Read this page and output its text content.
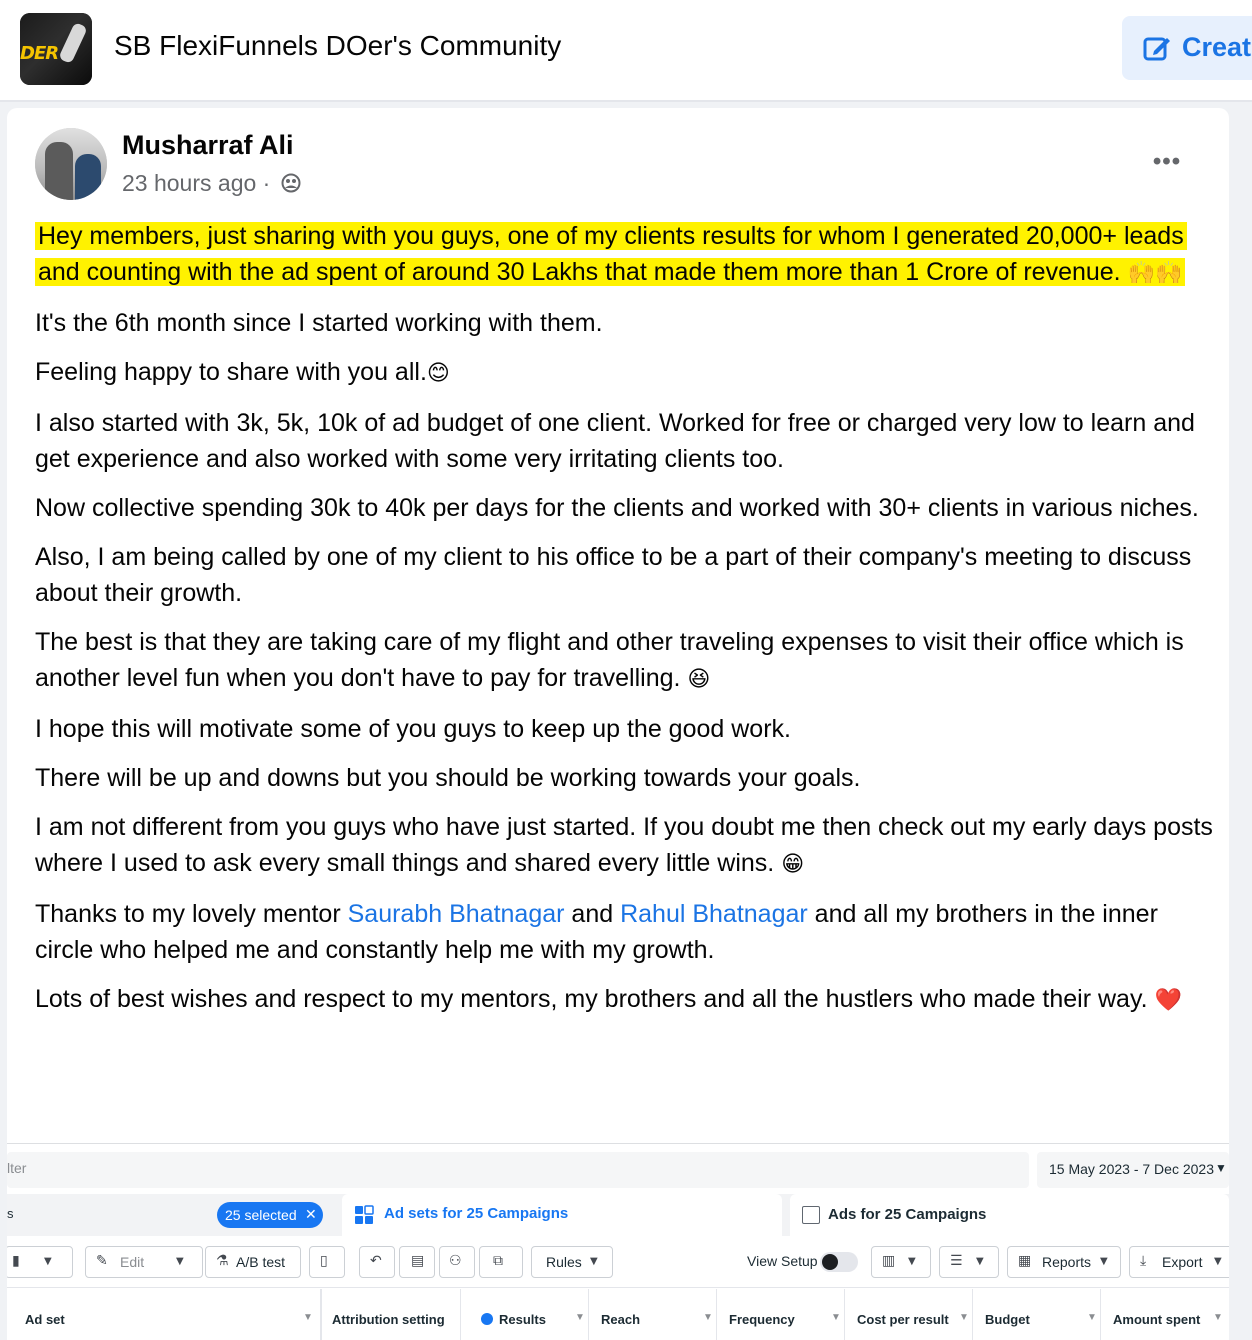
DER SB FlexiFunnels DOer's Community	Creat
Musharraf Ali
23 hours ago ·
•••

Hey members, just sharing with you guys, one of my clients results for whom I generated 20,000+ leads and counting with the ad spent of around 30 Lakhs that made them more than 1 Crore of revenue. 🙌🙌

It's the 6th month since I started working with them.

Feeling happy to share with you all.😊

I also started with 3k, 5k, 10k of ad budget of one client. Worked for free or charged very low to learn and get experience and also worked with some very irritating clients too.

Now collective spending 30k to 40k per days for the clients and worked with 30+ clients in various niches.

Also, I am being called by one of my client to his office to be a part of their company's meeting to discuss about their growth.

The best is that they are taking care of my flight and other traveling expenses to visit their office which is another level fun when you don't have to pay for travelling. 😆

I hope this will motivate some of you guys to keep up the good work.

There will be up and downs but you should be working towards your goals.

I am not different from you guys who have just started. If you doubt me then check out my early days posts where I used to ask every small things and shared every little wins. 😁

Thanks to my lovely mentor Saurabh Bhatnagar and Rahul Bhatnagar and all my brothers in the inner circle who helped me and constantly help me with my growth.

Lots of best wishes and respect to my mentors, my brothers and all the hustlers who made their way. ❤️

lter	15 May 2023 - 7 Dec 2023 ▼
s	25 selected ✕	Ad sets for 25 Campaigns	Ads for 25 Campaigns
▮ ▼	✎ Edit	▼ ⚗ A/B test ▯	↶ ▤ ⚇ ⧉	Rules ▼	View Setup	▥ ▼ ☰ ▼ ▦ Reports ▼ ⤓ Export ▼
Ad set	▼ Attribution setting	Results	▼ Reach	▼ Frequency	▼ Cost per result ▼ Budget	▼ Amount spent ▼
